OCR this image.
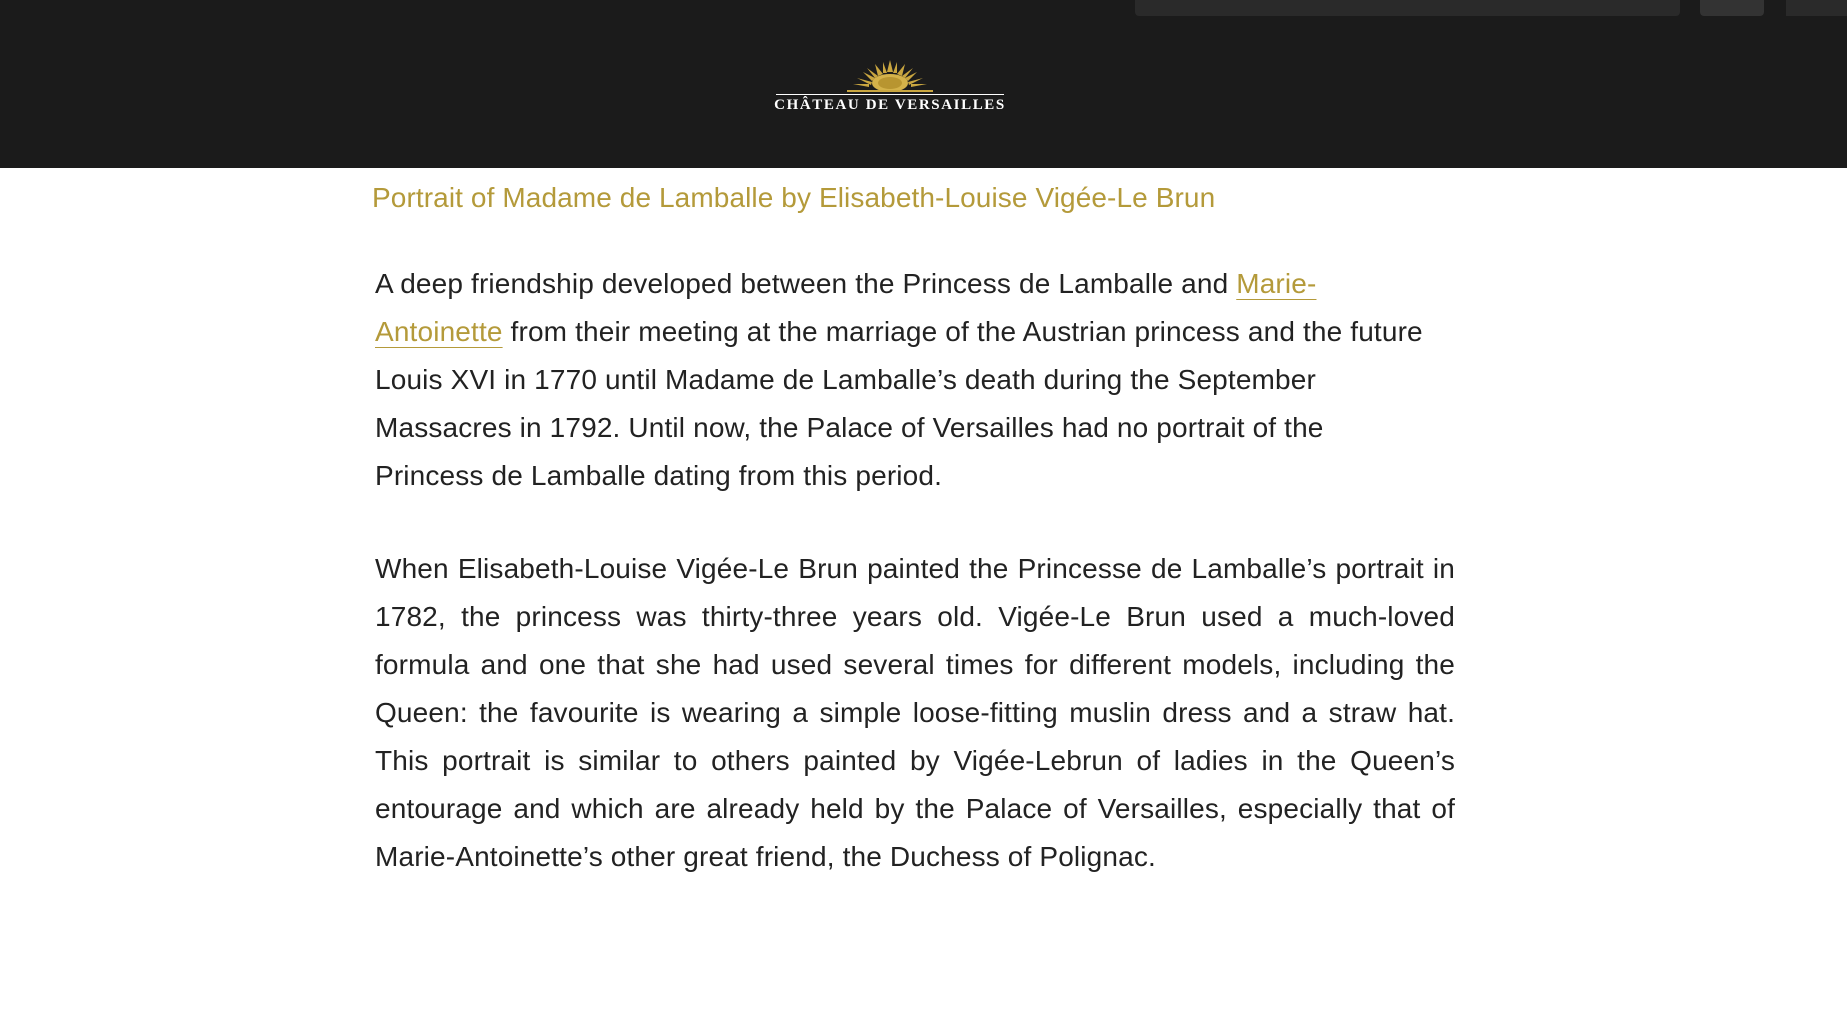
CHÂTEAU DE VERSAILLES

Portrait of Madame de Lamballe by Elisabeth-Louise Vigée-Le Brun

A deep friendship developed between the Princess de Lamballe and Marie-Antoinette from their meeting at the marriage of the Austrian princess and the future Louis XVI in 1770 until Madame de Lamballe’s death during the September Massacres in 1792. Until now, the Palace of Versailles had no portrait of the Princess de Lamballe dating from this period.

When Elisabeth-Louise Vigée-Le Brun painted the Princesse de Lamballe’s portrait in 1782, the princess was thirty-three years old. Vigée-Le Brun used a much-loved formula and one that she had used several times for different models, including the Queen: the favourite is wearing a simple loose-fitting muslin dress and a straw hat. This portrait is similar to others painted by Vigée-Lebrun of ladies in the Queen’s entourage and which are already held by the Palace of Versailles, especially that of Marie-Antoinette’s other great friend, the Duchess of Polignac.
